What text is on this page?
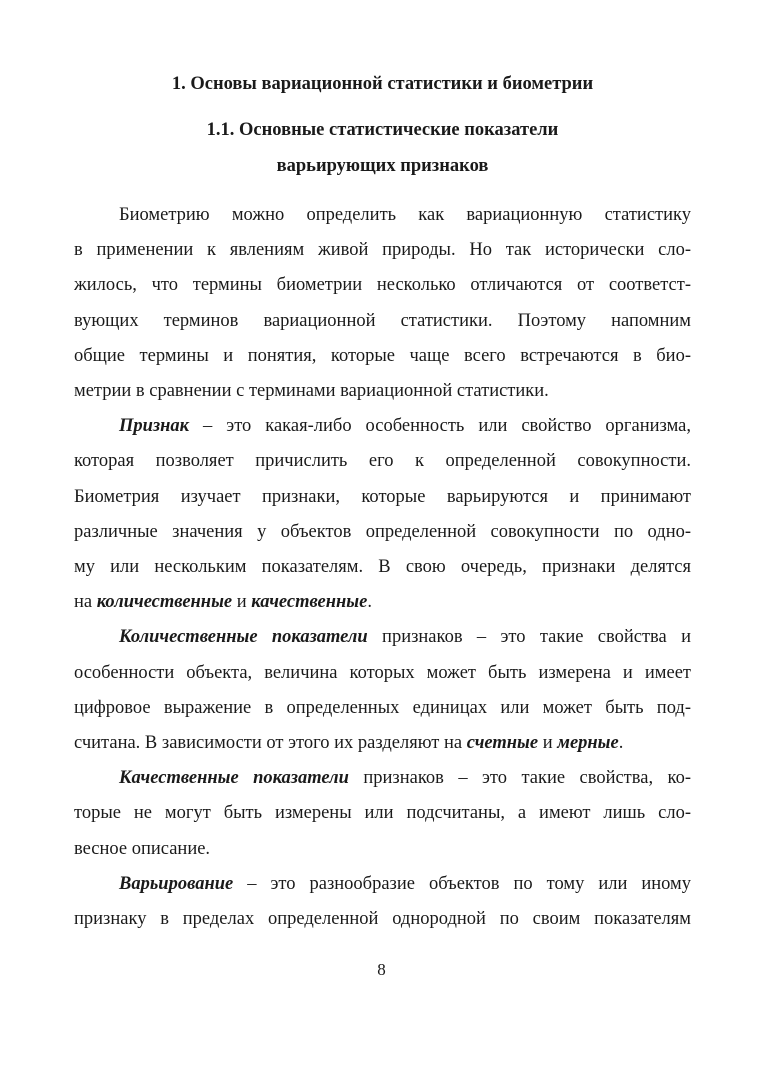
1. Основы вариационной статистики и биометрии
1.1. Основные статистические показатели
варьирующих признаков

Биометрию можно определить как вариационную статистику
в применении к явлениям живой природы. Но так исторически сло-
жилось, что термины биометрии несколько отличаются от соответст-
вующих терминов вариационной статистики. Поэтому напомним
общие термины и понятия, которые чаще всего встречаются в био-
метрии в сравнении с терминами вариационной статистики.

Признак – это какая-либо особенность или свойство организма,
которая позволяет причислить его к определенной совокупности.
Биометрия изучает признаки, которые варьируются и принимают
различные значения у объектов определенной совокупности по одно-
му или нескольким показателям. В свою очередь, признаки делятся
на количественные и качественные.

Количественные показатели признаков – это такие свойства и
особенности объекта, величина которых может быть измерена и имеет
цифровое выражение в определенных единицах или может быть под-
считана. В зависимости от этого их разделяют на счетные и мерные.

Качественные показатели признаков – это такие свойства, ко-
торые не могут быть измерены или подсчитаны, а имеют лишь сло-
весное описание.

Варьирование – это разнообразие объектов по тому или иному
признаку в пределах определенной однородной по своим показателям

8
